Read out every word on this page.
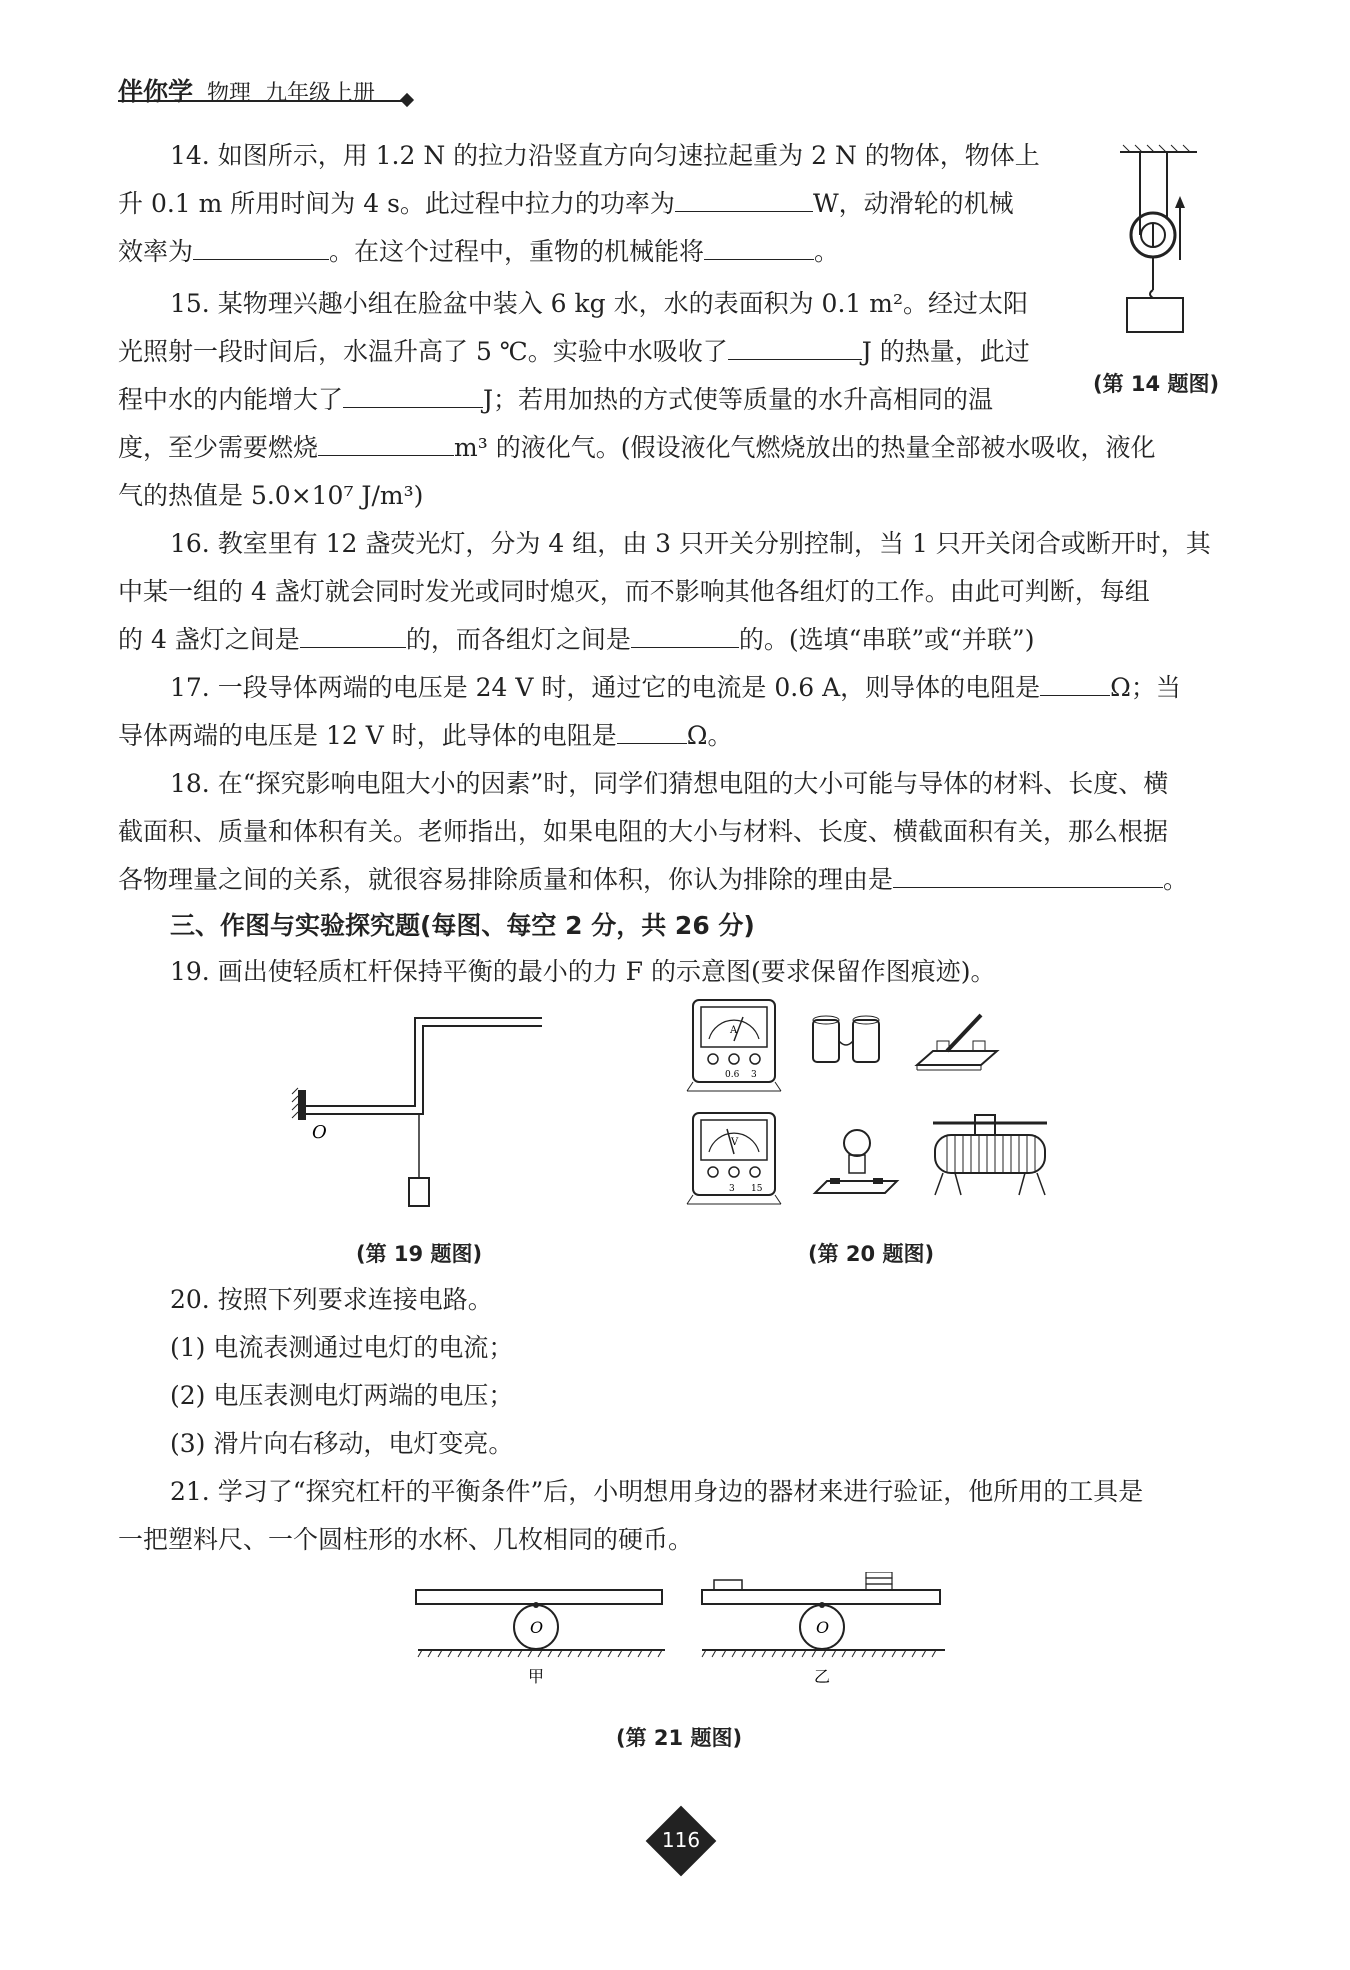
伴你学 物理 九年级上册
14. 如图所示，用 1.2 N 的拉力沿竖直方向匀速拉起重为 2 N 的物体，物体上
升 0.1 m 所用时间为 4 s。此过程中拉力的功率为	W，动滑轮的机械
效率为	。在这个过程中，重物的机械能将	。
(第 14 题图)
15. 某物理兴趣小组在脸盆中装入 6 kg 水，水的表面积为 0.1 m²。经过太阳
光照射一段时间后，水温升高了 5 ℃。实验中水吸收了	J 的热量，此过
程中水的内能增大了	J；若用加热的方式使等质量的水升高相同的温
度，至少需要燃烧	m³ 的液化气。(假设液化气燃烧放出的热量全部被水吸收，液化
气的热值是 5.0×10⁷ J/m³)
16. 教室里有 12 盏荧光灯，分为 4 组，由 3 只开关分别控制，当 1 只开关闭合或断开时，其
中某一组的 4 盏灯就会同时发光或同时熄灭，而不影响其他各组灯的工作。由此可判断，每组
的 4 盏灯之间是	的，而各组灯之间是	的。(选填“串联”或“并联”)
17. 一段导体两端的电压是 24 V 时，通过它的电流是 0.6 A，则导体的电阻是	Ω；当
导体两端的电压是 12 V 时，此导体的电阻是	Ω。
18. 在“探究影响电阻大小的因素”时，同学们猜想电阻的大小可能与导体的材料、长度、横
截面积、质量和体积有关。老师指出，如果电阻的大小与材料、长度、横截面积有关，那么根据
各物理量之间的关系，就很容易排除质量和体积，你认为排除的理由是	。
三、作图与实验探究题(每图、每空 2 分，共 26 分)
19. 画出使轻质杠杆保持平衡的最小的力 F 的示意图(要求保留作图痕迹)。
O
(第 19 题图)
A
0.6 3
V
3 15
(第 20 题图)
20. 按照下列要求连接电路。
(1) 电流表测通过电灯的电流；
(2) 电压表测电灯两端的电压；
(3) 滑片向右移动，电灯变亮。
21. 学习了“探究杠杆的平衡条件”后，小明想用身边的器材来进行验证，他所用的工具是
一把塑料尺、一个圆柱形的水杯、几枚相同的硬币。
O
甲
O
乙
(第 21 题图)
116
